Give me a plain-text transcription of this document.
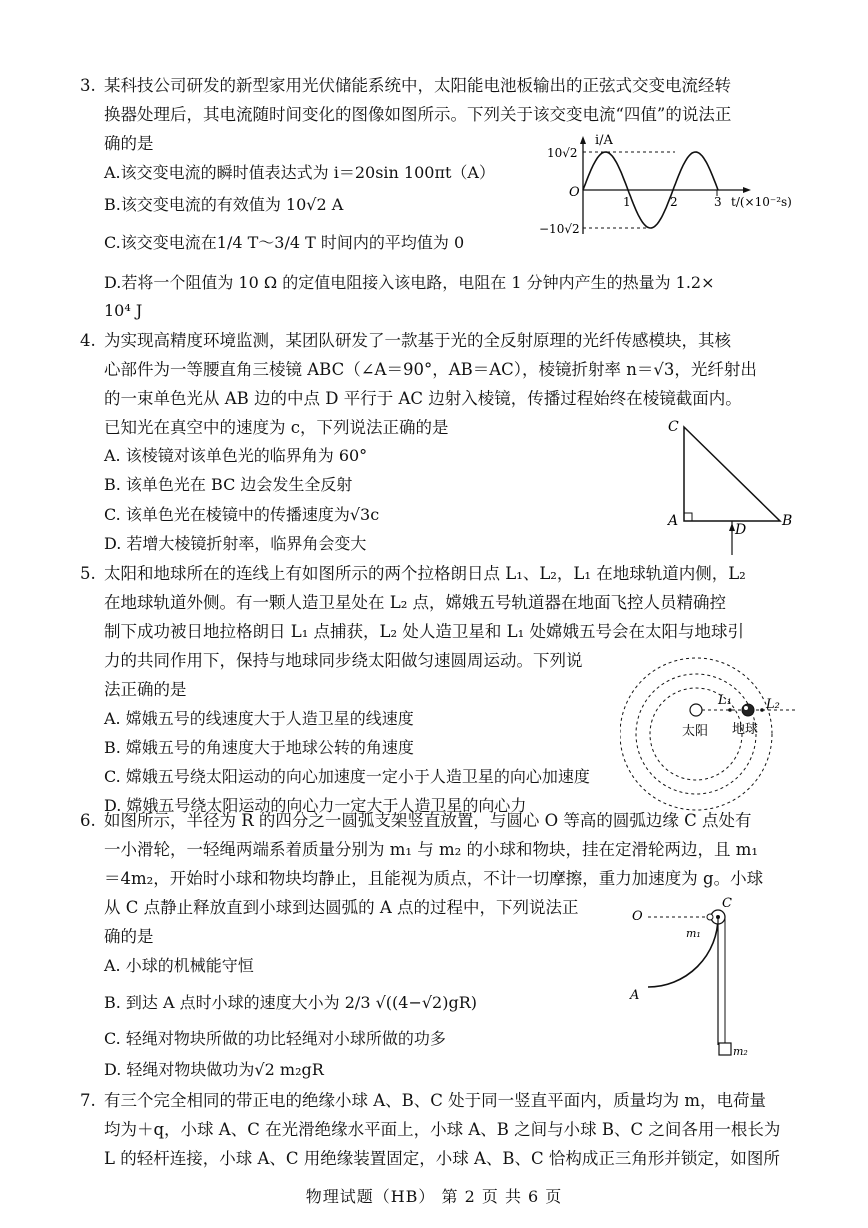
3. 某科技公司研发的新型家用光伏储能系统中，太阳能电池板输出的正弦式交变电流经转
换器处理后，其电流随时间变化的图像如图所示。下列关于该交变电流“四值”的说法正
确的是
A.该交变电流的瞬时值表达式为 i＝20sin 100πt（A）
B.该交变电流的有效值为 10√2 A
C.该交变电流在1/4 T～3/4 T 时间内的平均值为 0
D.若将一个阻值为 10 Ω 的定值电阻接入该电路，电阻在 1 分钟内产生的热量为 1.2×
10⁴ J
i/A
10√2
−10√2
O
1	2	3 t/(×10⁻²s)
4. 为实现高精度环境监测，某团队研发了一款基于光的全反射原理的光纤传感模块，其核
心部件为一等腰直角三棱镜 ABC（∠A＝90°，AB＝AC），棱镜折射率 n＝√3，光纤射出
的一束单色光从 AB 边的中点 D 平行于 AC 边射入棱镜，传播过程始终在棱镜截面内。
已知光在真空中的速度为 c，下列说法正确的是
A. 该棱镜对该单色光的临界角为 60°
B. 该单色光在 BC 边会发生全反射
C. 该单色光在棱镜中的传播速度为√3c
D. 若增大棱镜折射率，临界角会变大
C
A
D
B
5. 太阳和地球所在的连线上有如图所示的两个拉格朗日点 L₁、L₂，L₁ 在地球轨道内侧，L₂
在地球轨道外侧。有一颗人造卫星处在 L₂ 点，嫦娥五号轨道器在地面飞控人员精确控
制下成功被日地拉格朗日 L₁ 点捕获，L₂ 处人造卫星和 L₁ 处嫦娥五号会在太阳与地球引
力的共同作用下，保持与地球同步绕太阳做匀速圆周运动。下列说
法正确的是
A. 嫦娥五号的线速度大于人造卫星的线速度
B. 嫦娥五号的角速度大于地球公转的角速度
C. 嫦娥五号绕太阳运动的向心加速度一定小于人造卫星的向心加速度
D. 嫦娥五号绕太阳运动的向心力一定大于人造卫星的向心力
太阳 地球
L₁	L₂
6. 如图所示，半径为 R 的四分之一圆弧支架竖直放置，与圆心 O 等高的圆弧边缘 C 点处有
一小滑轮，一轻绳两端系着质量分别为 m₁ 与 m₂ 的小球和物块，挂在定滑轮两边，且 m₁
＝4m₂，开始时小球和物块均静止，且能视为质点，不计一切摩擦，重力加速度为 g。小球
从 C 点静止释放直到小球到达圆弧的 A 点的过程中，下列说法正
确的是
A. 小球的机械能守恒
B. 到达 A 点时小球的速度大小为 2/3 √((4−√2)gR)
C. 轻绳对物块所做的功比轻绳对小球所做的功多
D. 轻绳对物块做功为√2 m₂gR
O
C
A
m₁
m₂
7. 有三个完全相同的带正电的绝缘小球 A、B、C 处于同一竖直平面内，质量均为 m，电荷量
均为＋q，小球 A、C 在光滑绝缘水平面上，小球 A、B 之间与小球 B、C 之间各用一根长为
L 的轻杆连接，小球 A、C 用绝缘装置固定，小球 A、B、C 恰构成正三角形并锁定，如图所
物理试题（HB） 第 2 页 共 6 页
